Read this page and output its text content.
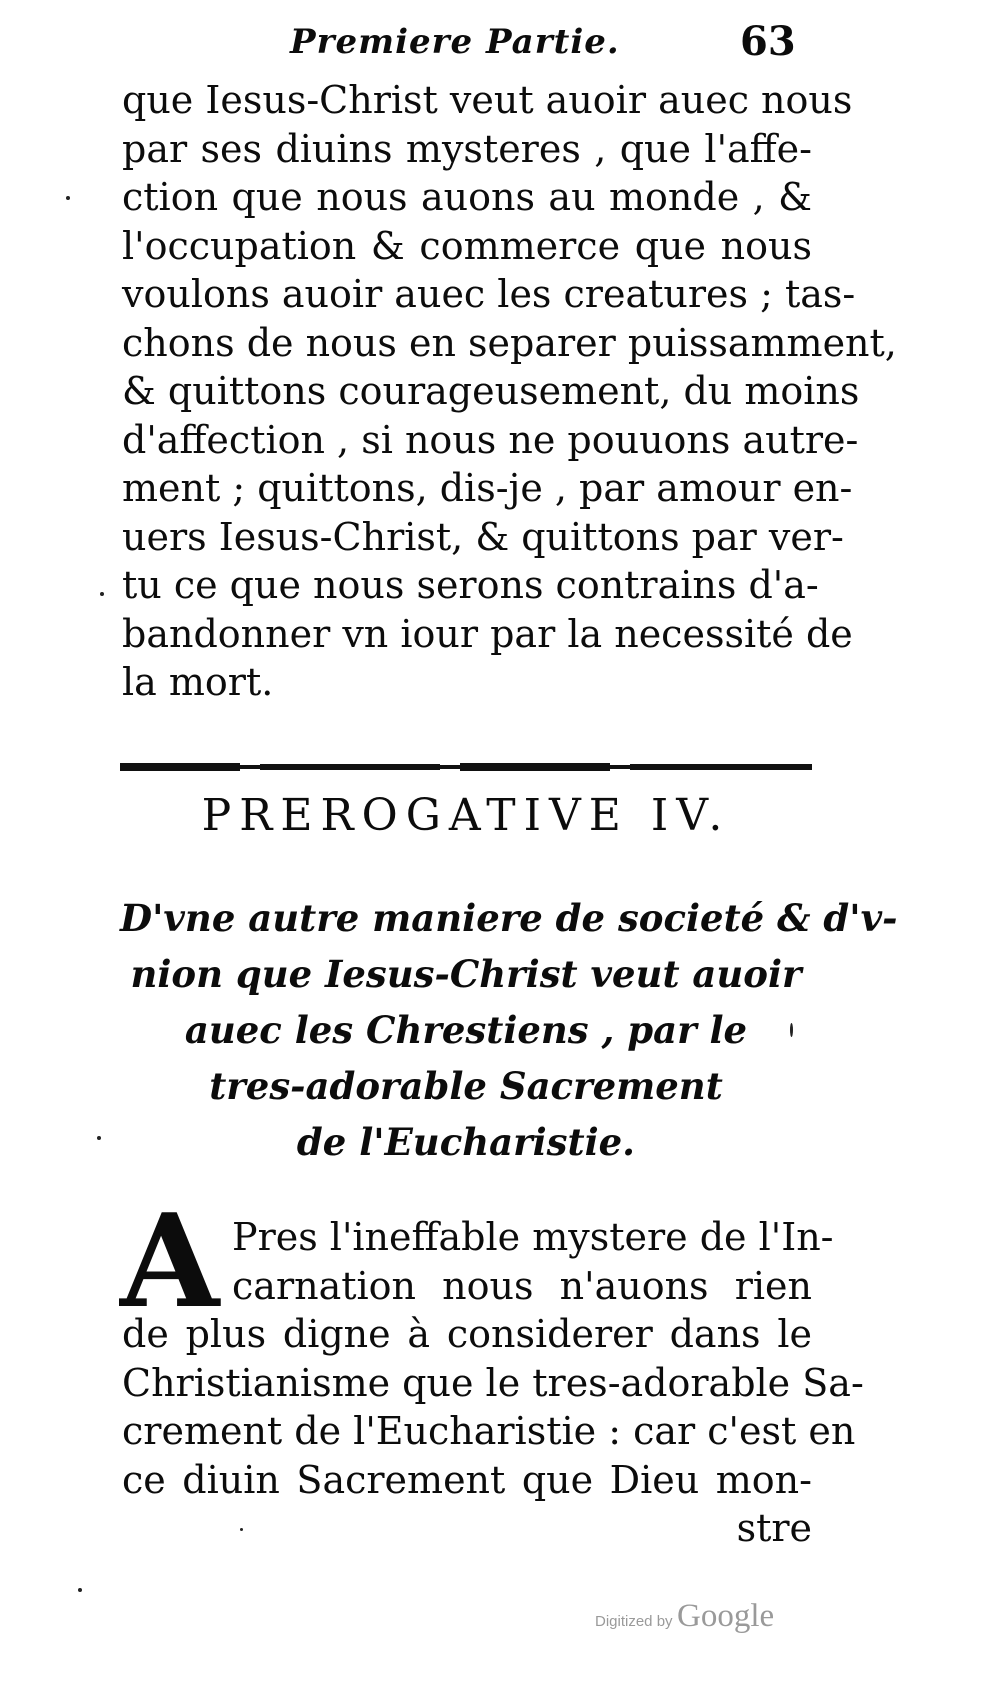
Premiere Partie.	63
que Iesus-Christ veut auoir auec nous
par ses diuins mysteres , que l'affe-
ction que nous auons au monde , &
l'occupation & commerce que nous
voulons auoir auec les creatures ; tas-
chons de nous en separer puissamment,
& quittons courageusement, du moins
d'affection , si nous ne pouuons autre-
ment ; quittons, dis-je , par amour en-
uers Iesus-Christ, & quittons par ver-
tu ce que nous serons contrains d'a-
bandonner vn iour par la necessité de
la mort.
PREROGATIVE IV.
D'vne autre maniere de societé & d'v-
nion que Iesus-Christ veut auoir
auec les Chrestiens , par le
tres-adorable Sacrement
de l'Eucharistie.
A Pres l'ineffable mystere de l'In-
carnation nous n'auons rien
de plus digne à considerer dans le
Christianisme que le tres-adorable Sa-
crement de l'Eucharistie : car c'est en
ce diuin Sacrement que Dieu mon-
stre
Digitized by Google
